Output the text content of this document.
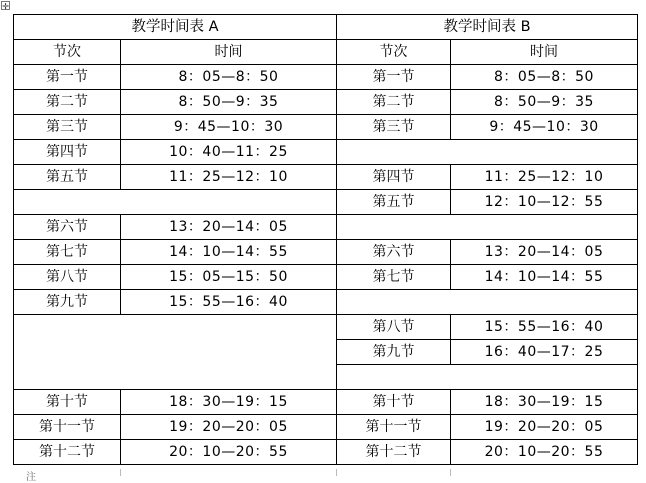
✛
教学时间表 A		教学时间表 B	
节次	时间	节次	时间
第一节	8：05—8：50	第一节	8：05—8：50
第二节	8：50—9：35	第二节	8：50—9：35
第三节	9：45—10：30	第三节	9：45—10：30
第四节	10：40—11：25		
第五节	11：25—12：10	第四节	11：25—12：10
		第五节	12：10—12：55
第六节	13：20—14：05		
第七节	14：10—14：55	第六节	13：20—14：05
第八节	15：05—15：50	第七节	14：10—14：55
第九节	15：55—16：40		
		第八节	15：55—16：40
		第九节	16：40—17：25

第十节	18：30—19：15	第十节	18：30—19：15
第十一节	19：20—20：05	第十一节	19：20—20：05
第十二节	20：10—20：55	第十二节	20：10—20：55
注
